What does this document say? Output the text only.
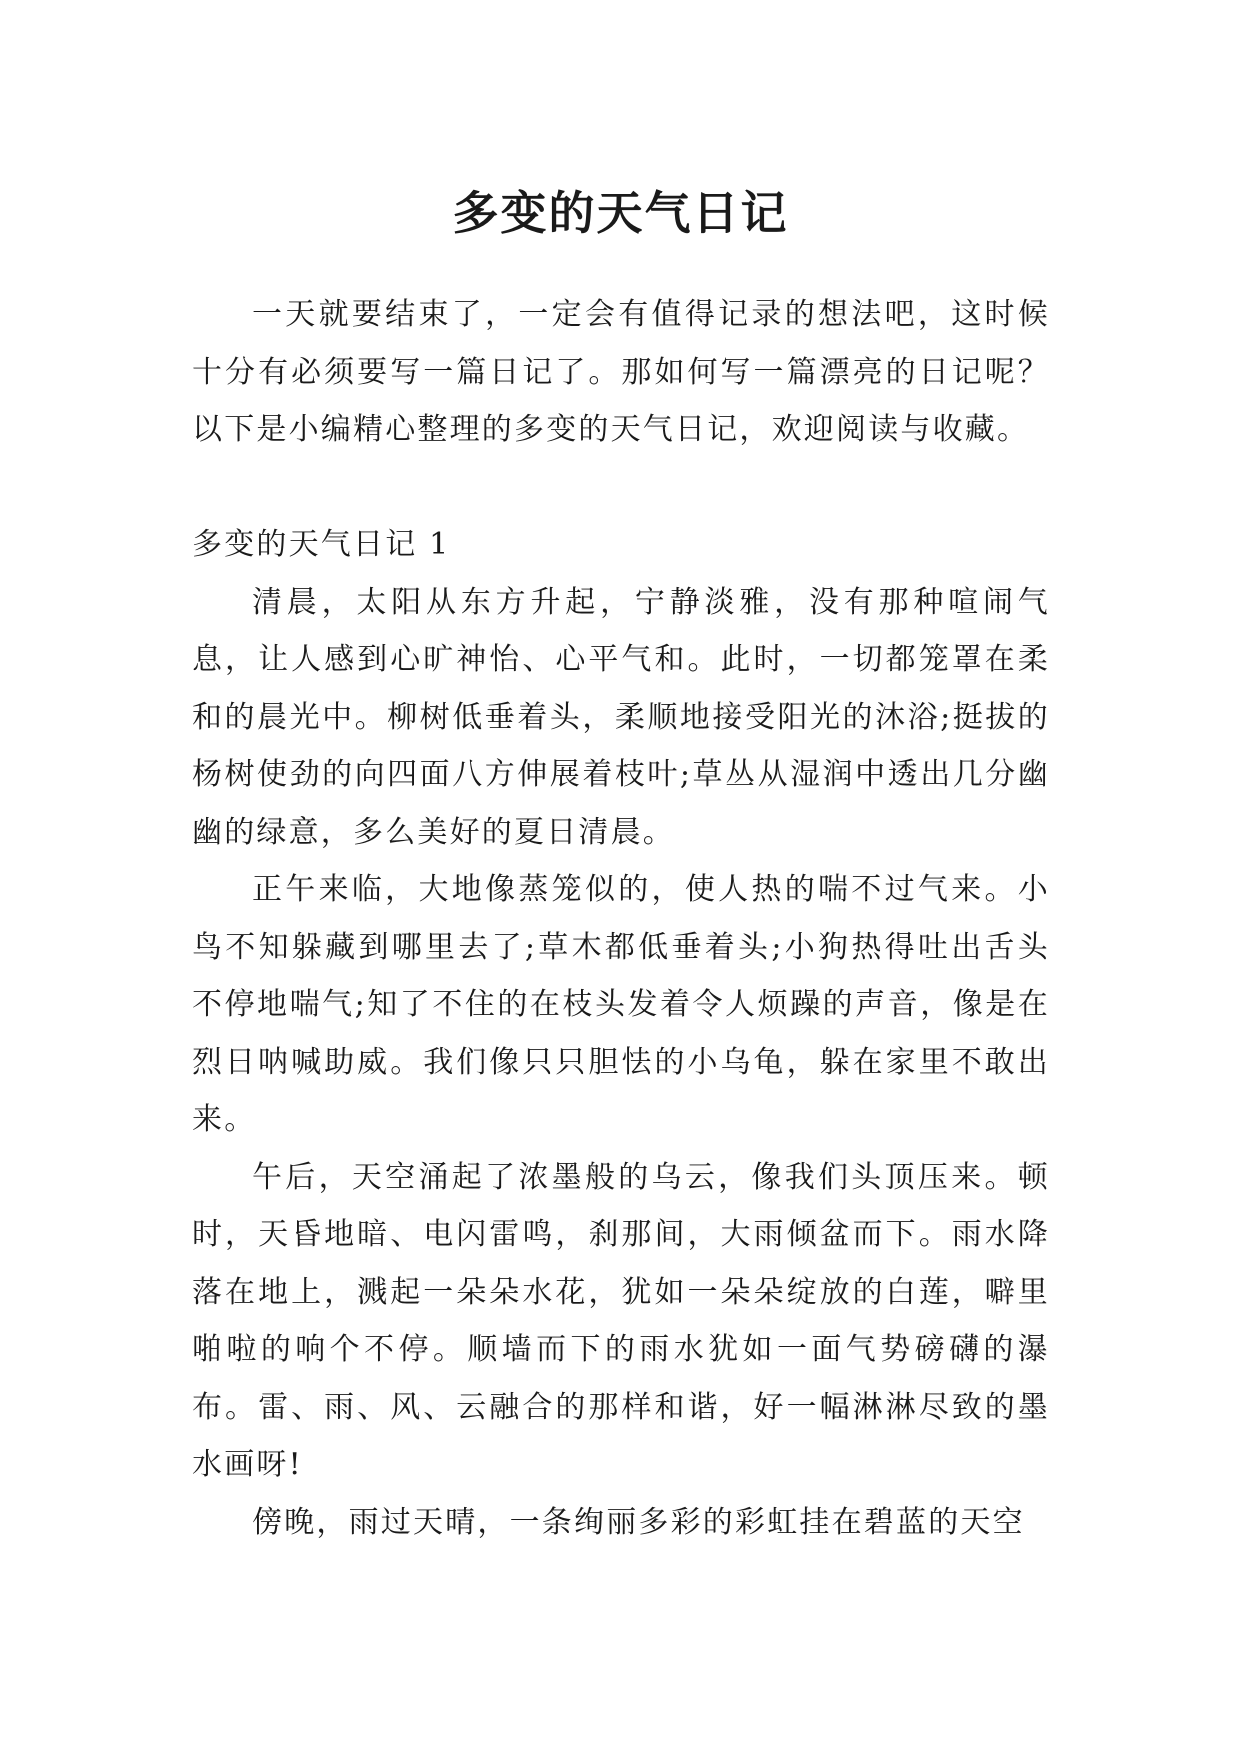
多变的天气日记

一天就要结束了，一定会有值得记录的想法吧，这时候十分有必须要写一篇日记了。那如何写一篇漂亮的日记呢？以下是小编精心整理的多变的天气日记，欢迎阅读与收藏。

多变的天气日记 1

清晨，太阳从东方升起，宁静淡雅，没有那种喧闹气息，让人感到心旷神怡、心平气和。此时，一切都笼罩在柔和的晨光中。柳树低垂着头，柔顺地接受阳光的沐浴;挺拔的杨树使劲的向四面八方伸展着枝叶;草丛从湿润中透出几分幽幽的绿意，多么美好的夏日清晨。

正午来临，大地像蒸笼似的，使人热的喘不过气来。小鸟不知躲藏到哪里去了;草木都低垂着头;小狗热得吐出舌头不停地喘气;知了不住的在枝头发着令人烦躁的声音，像是在烈日呐喊助威。我们像只只胆怯的小乌龟，躲在家里不敢出来。

午后，天空涌起了浓墨般的乌云，像我们头顶压来。顿时，天昏地暗、电闪雷鸣，刹那间，大雨倾盆而下。雨水降落在地上，溅起一朵朵水花，犹如一朵朵绽放的白莲，噼里啪啦的响个不停。顺墙而下的雨水犹如一面气势磅礴的瀑布。雷、雨、风、云融合的那样和谐，好一幅淋淋尽致的墨水画呀!

傍晚，雨过天晴，一条绚丽多彩的彩虹挂在碧蓝的天空
